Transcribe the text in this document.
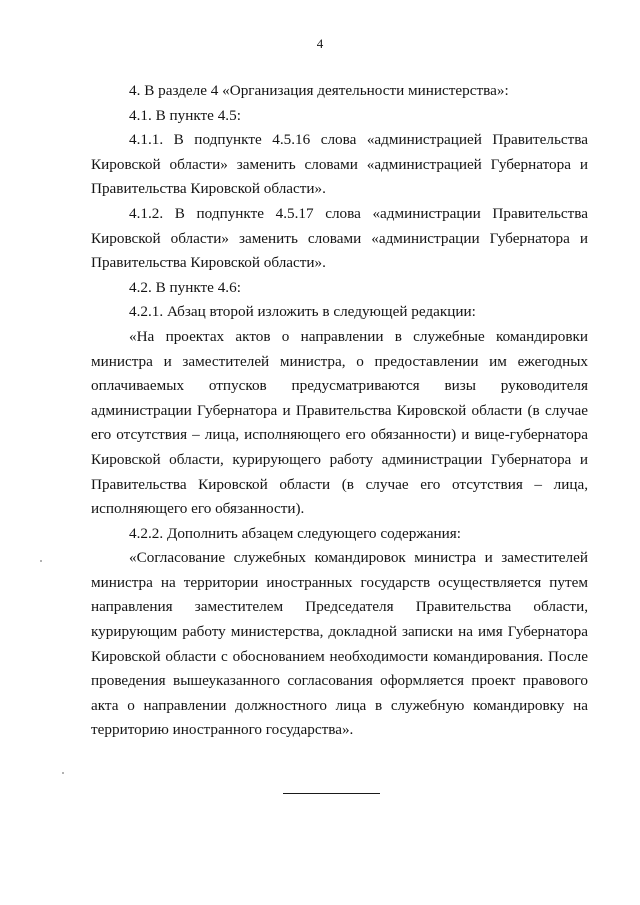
4

4. В разделе 4 «Организация деятельности министерства»:

4.1. В пункте 4.5:

4.1.1. В подпункте 4.5.16 слова «администрацией Правительства Кировской области» заменить словами «администрацией Губернатора и Правительства Кировской области».

4.1.2. В подпункте 4.5.17 слова «администрации Правительства Кировской области» заменить словами «администрации Губернатора и Правительства Кировской области».

4.2. В пункте 4.6:

4.2.1. Абзац второй изложить в следующей редакции:

«На проектах актов о направлении в служебные командировки министра и заместителей министра, о предоставлении им ежегодных оплачиваемых отпусков предусматриваются визы руководителя администрации Губернатора и Правительства Кировской области (в случае его отсутствия – лица, исполняющего его обязанности) и вице-губернатора Кировской области, курирующего работу администрации Губернатора и Правительства Кировской области (в случае его отсутствия – лица, исполняющего его обязанности).

4.2.2. Дополнить абзацем следующего содержания:

«Согласование служебных командировок министра и заместителей министра на территории иностранных государств осуществляется путем направления заместителем Председателя Правительства области, курирующим работу министерства, докладной записки на имя Губернатора Кировской области с обоснованием необходимости командирования. После проведения вышеуказанного согласования оформляется проект правового акта о направлении должностного лица в служебную командировку на территорию иностранного государства».
